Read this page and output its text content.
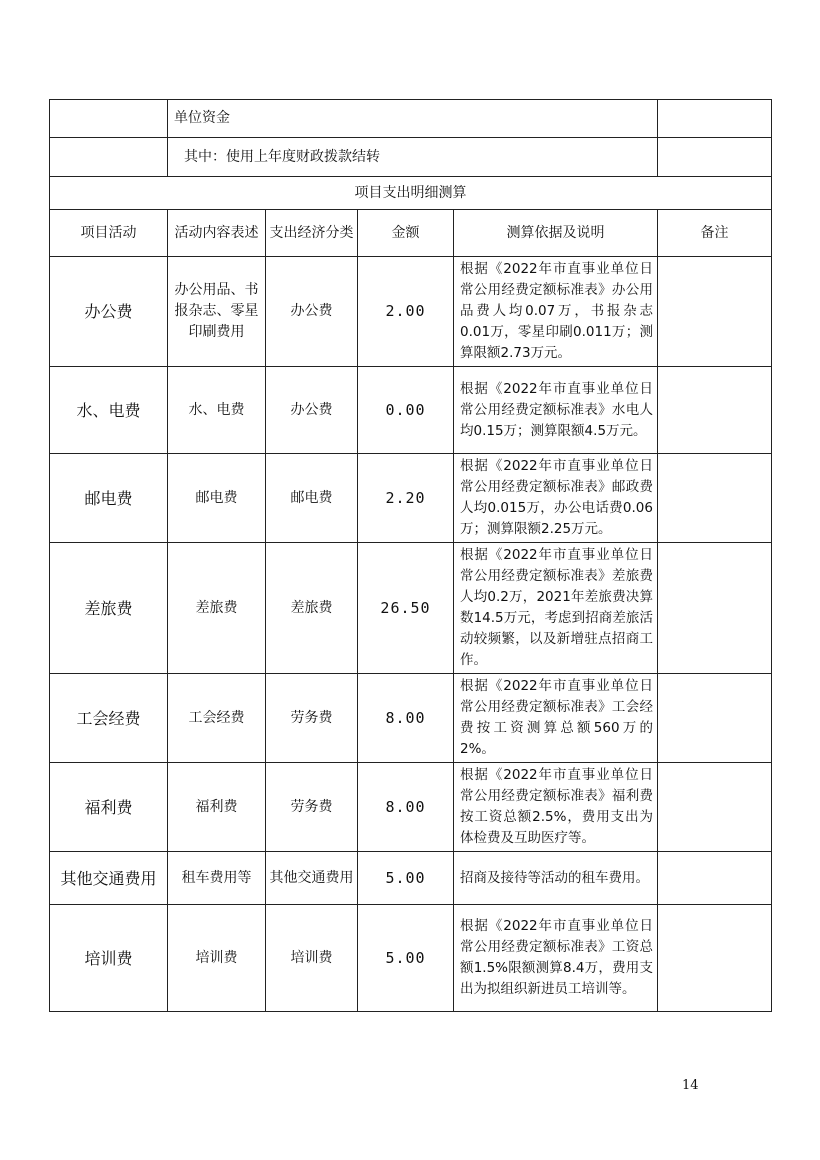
	单位资金				
	其中：使用上年度财政拨款结转				
项目支出明细测算					
项目活动	活动内容表述	支出经济分类	金额	测算依据及说明	备注
办公费	办公用品、书报杂志、零星印刷费用	办公费	2.00	根据《2022年市直事业单位日常公用经费定额标准表》办公用品费人均0.07万，书报杂志0.01万，零星印刷0.011万；测算限额2.73万元。	
水、电费	水、电费	办公费	0.00	根据《2022年市直事业单位日常公用经费定额标准表》水电人均0.15万；测算限额4.5万元。	
邮电费	邮电费	邮电费	2.20	根据《2022年市直事业单位日常公用经费定额标准表》邮政费人均0.015万，办公电话费0.06万；测算限额2.25万元。	
差旅费	差旅费	差旅费	26.50	根据《2022年市直事业单位日常公用经费定额标准表》差旅费人均0.2万，2021年差旅费决算数14.5万元，考虑到招商差旅活动较频繁，以及新增驻点招商工作。	
工会经费	工会经费	劳务费	8.00	根据《2022年市直事业单位日常公用经费定额标准表》工会经费按工资测算总额560万的2%。	
福利费	福利费	劳务费	8.00	根据《2022年市直事业单位日常公用经费定额标准表》福利费按工资总额2.5%，费用支出为体检费及互助医疗等。	
其他交通费用	租车费用等	其他交通费用	5.00	招商及接待等活动的租车费用。	
培训费	培训费	培训费	5.00	根据《2022年市直事业单位日常公用经费定额标准表》工资总额1.5%限额测算8.4万，费用支出为拟组织新进员工培训等。	
14
